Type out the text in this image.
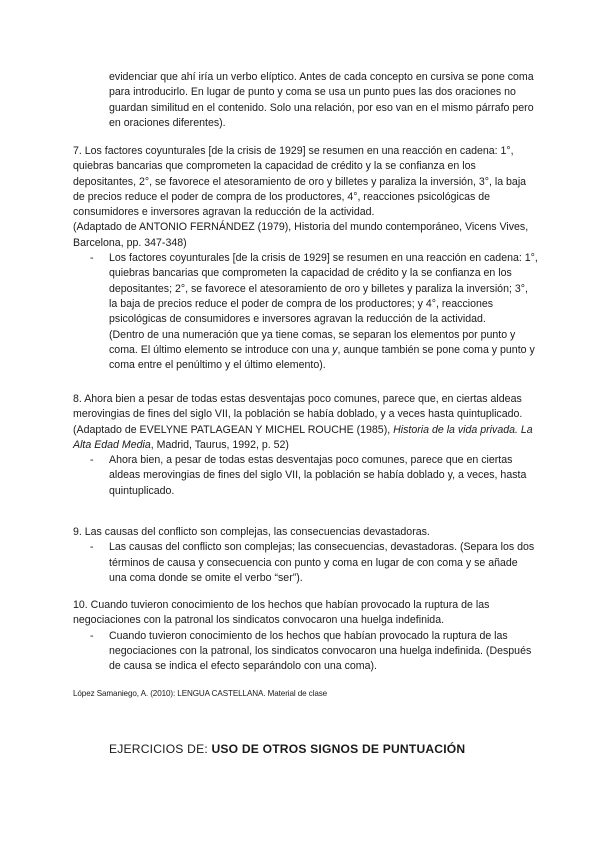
evidenciar que ahí iría un verbo elíptico. Antes de cada concepto en cursiva se pone coma para introducirlo. En lugar de punto y coma se usa un punto pues las dos oraciones no guardan similitud en el contenido. Solo una relación, por eso van en el mismo párrafo pero en oraciones diferentes).

7. Los factores coyunturales [de la crisis de 1929] se resumen en una reacción en cadena: 1°, quiebras bancarias que comprometen la capacidad de crédito y la se confianza en los depositantes, 2°, se favorece el atesoramiento de oro y billetes y paraliza la inversión, 3°, la baja de precios reduce el poder de compra de los productores, 4°, reacciones psicológicas de consumidores e inversores agravan la reducción de la actividad.

(Adaptado de ANTONIO FERNÁNDEZ (1979), Historia del mundo contemporáneo, Vicens Vives, Barcelona, pp. 347-348)

- Los factores coyunturales [de la crisis de 1929] se resumen en una reacción en cadena: 1°, quiebras bancarias que comprometen la capacidad de crédito y la se confianza en los depositantes; 2°, se favorece el atesoramiento de oro y billetes y paraliza la inversión; 3°, la baja de precios reduce el poder de compra de los productores; y 4°, reacciones psicológicas de consumidores e inversores agravan la reducción de la actividad.

(Dentro de una numeración que ya tiene comas, se separan los elementos por punto y coma. El último elemento se introduce con una y, aunque también se pone coma y punto y coma entre el penúltimo y el último elemento).

8. Ahora bien a pesar de todas estas desventajas poco comunes, parece que, en ciertas aldeas merovingias de fines del siglo VII, la población se había doblado, y a veces hasta quintuplicado.

(Adaptado de EVELYNE PATLAGEAN Y MICHEL ROUCHE (1985), Historia de la vida privada. La Alta Edad Media, Madrid, Taurus, 1992, p. 52)

- Ahora bien, a pesar de todas estas desventajas poco comunes, parece que en ciertas aldeas merovingias de fines del siglo VII, la población se había doblado y, a veces, hasta quintuplicado.

9. Las causas del conflicto son complejas, las consecuencias devastadoras.

- Las causas del conflicto son complejas; las consecuencias, devastadoras. (Separa los dos términos de causa y consecuencia con punto y coma en lugar de con coma y se añade una coma donde se omite el verbo “ser”).

10. Cuando tuvieron conocimiento de los hechos que habían provocado la ruptura de las negociaciones con la patronal los sindicatos convocaron una huelga indefinida.

- Cuando tuvieron conocimiento de los hechos que habían provocado la ruptura de las negociaciones con la patronal, los sindicatos convocaron una huelga indefinida. (Después de causa se indica el efecto separándolo con una coma).

López Samaniego, A. (2010): LENGUA CASTELLANA. Material de clase

EJERCICIOS DE: USO DE OTROS SIGNOS DE PUNTUACIÓN
